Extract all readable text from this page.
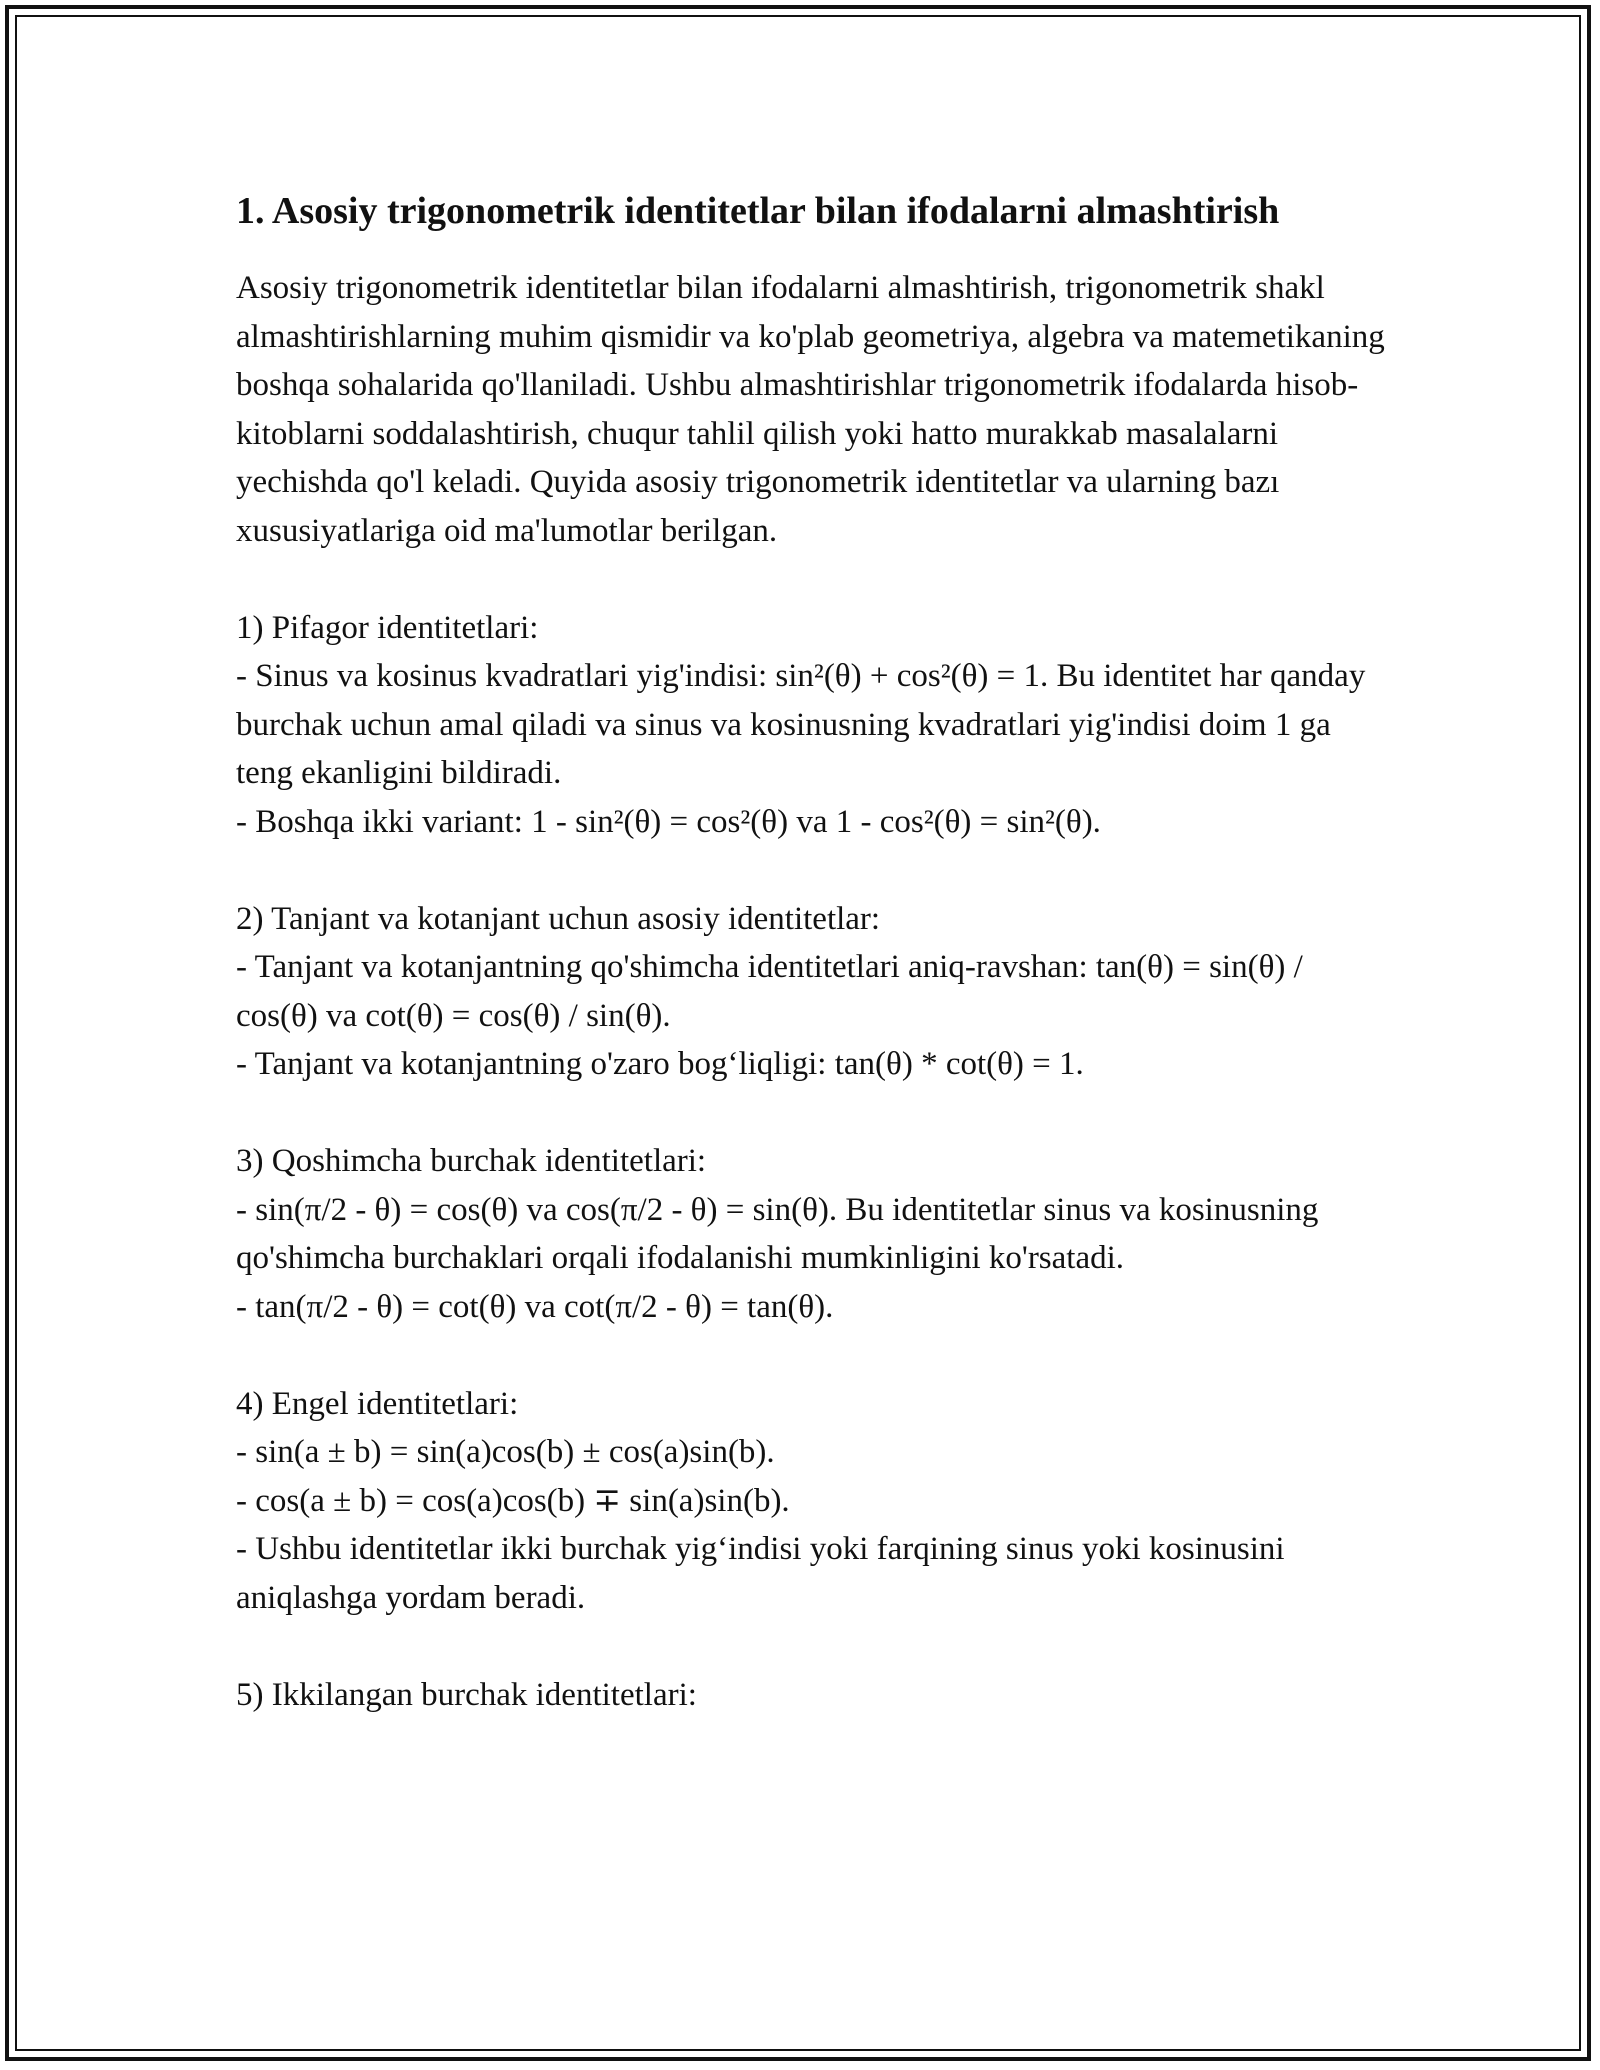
1. Asosiy trigonometrik identitetlar bilan ifodalarni almashtirish

Asosiy trigonometrik identitetlar bilan ifodalarni almashtirish, trigonometrik shakl almashtirishlarning muhim qismidir va ko'plab geometriya, algebra va matemetikaning boshqa sohalarida qo'llaniladi. Ushbu almashtirishlar trigonometrik ifodalarda hisob-kitoblarni soddalashtirish, chuqur tahlil qilish yoki hatto murakkab masalalarni yechishda qo'l keladi. Quyida asosiy trigonometrik identitetlar va ularning bazı xususiyatlariga oid ma'lumotlar berilgan.

1) Pifagor identitetlari:
- Sinus va kosinus kvadratlari yig'indisi: sin²(θ) + cos²(θ) = 1. Bu identitet har qanday burchak uchun amal qiladi va sinus va kosinusning kvadratlari yig'indisi doim 1 ga teng ekanligini bildiradi.
- Boshqa ikki variant: 1 - sin²(θ) = cos²(θ) va 1 - cos²(θ) = sin²(θ).
2) Tanjant va kotanjant uchun asosiy identitetlar:
- Tanjant va kotanjantning qo'shimcha identitetlari aniq-ravshan: tan(θ) = sin(θ) / cos(θ) va cot(θ) = cos(θ) / sin(θ).
- Tanjant va kotanjantning o'zaro bog‘liqligi: tan(θ) * cot(θ) = 1.
3) Qoshimcha burchak identitetlari:
- sin(π/2 - θ) = cos(θ) va cos(π/2 - θ) = sin(θ). Bu identitetlar sinus va kosinusning qo'shimcha burchaklari orqali ifodalanishi mumkinligini ko'rsatadi.
- tan(π/2 - θ) = cot(θ) va cot(π/2 - θ) = tan(θ).
4) Engel identitetlari:
- sin(a ± b) = sin(a)cos(b) ± cos(a)sin(b).
- cos(a ± b) = cos(a)cos(b) ∓ sin(a)sin(b).
- Ushbu identitetlar ikki burchak yig‘indisi yoki farqining sinus yoki kosinusini aniqlashga yordam beradi.
5) Ikkilangan burchak identitetlari:
